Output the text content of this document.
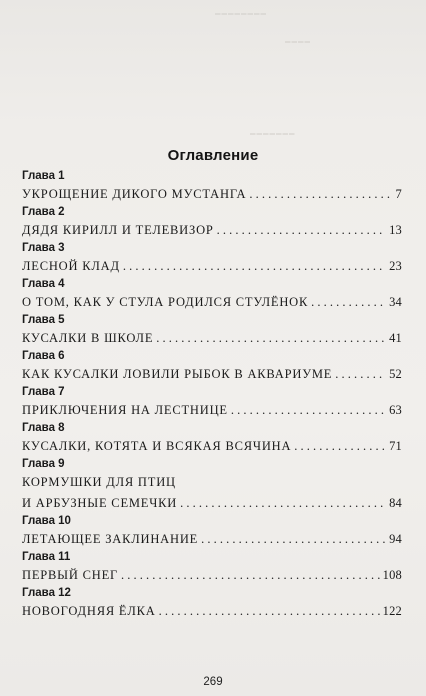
⎯⎯⎯⎯⎯⎯⎯⎯
⎯⎯⎯⎯
⎯⎯⎯⎯⎯⎯⎯
Оглавление
Глава 1
УКРОЩЕНИЕ ДИКОГО МУСТАНГА . . .	7
Глава 2
ДЯДЯ КИРИЛЛ И ТЕЛЕВИЗОР . . .	13
Глава 3
ЛЕСНОЙ КЛАД . . .	23
Глава 4
О ТОМ, КАК У СТУЛА РОДИЛСЯ СТУЛЁНОК . . .	34
Глава 5
КУСАЛКИ В ШКОЛЕ . . .	41
Глава 6
КАК КУСАЛКИ ЛОВИЛИ РЫБОК В АКВАРИУМЕ . . .	52
Глава 7
ПРИКЛЮЧЕНИЯ НА ЛЕСТНИЦЕ . . .	63
Глава 8
КУСАЛКИ, КОТЯТА И ВСЯКАЯ ВСЯЧИНА . . .	71
Глава 9
КОРМУШКИ ДЛЯ ПТИЦ
И АРБУЗНЫЕ СЕМЕЧКИ . . .	84
Глава 10
ЛЕТАЮЩЕЕ ЗАКЛИНАНИЕ . . .	94
Глава 11
ПЕРВЫЙ СНЕГ . . .	108
Глава 12
НОВОГОДНЯЯ ЁЛКА . . .	122
269
